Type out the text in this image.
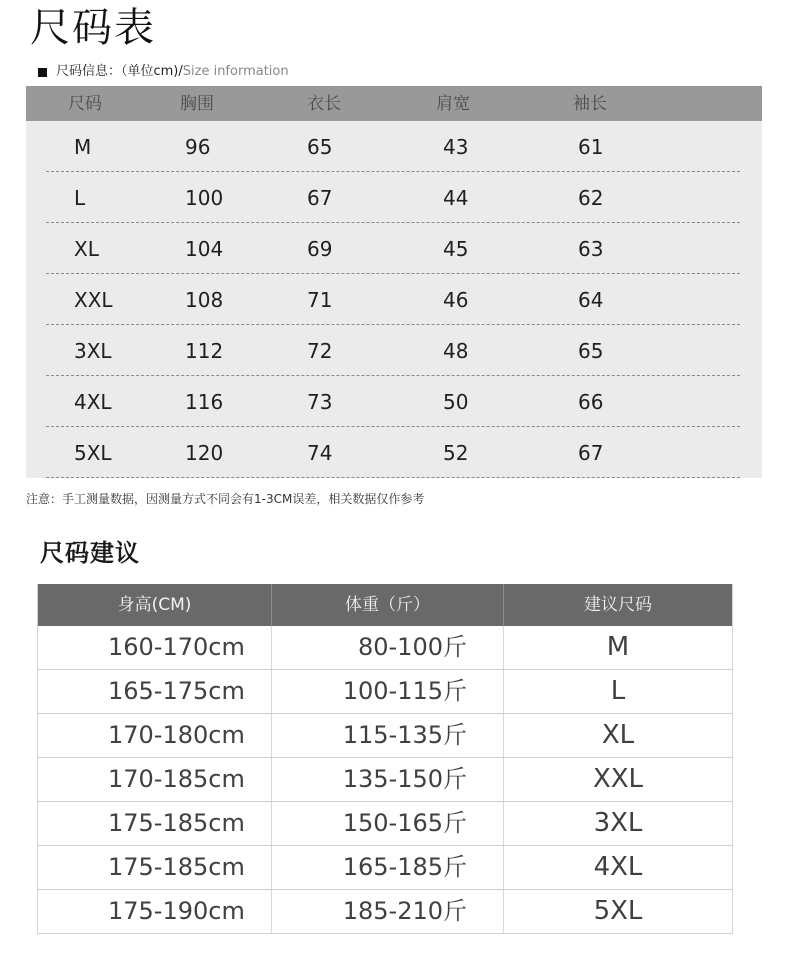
尺码表
尺码信息：（单位cm)/ Size information
尺码	胸围	衣长	肩宽	袖长
M	96	65	43	61
L	100	67	44	62
XL	104	69	45	63
XXL	108	71	46	64
3XL	112	72	48	65
4XL	116	73	50	66
5XL	120	74	52	67
注意：手工测量数据，因测量方式不同会有1-3CM误差，相关数据仅作参考
尺码建议
身高(CM)	体重（斤）	建议尺码
160-170cm	80-100斤	M
165-175cm	100-115斤	L
170-180cm	115-135斤	XL
170-185cm	135-150斤	XXL
175-185cm	150-165斤	3XL
175-185cm	165-185斤	4XL
175-190cm	185-210斤	5XL
